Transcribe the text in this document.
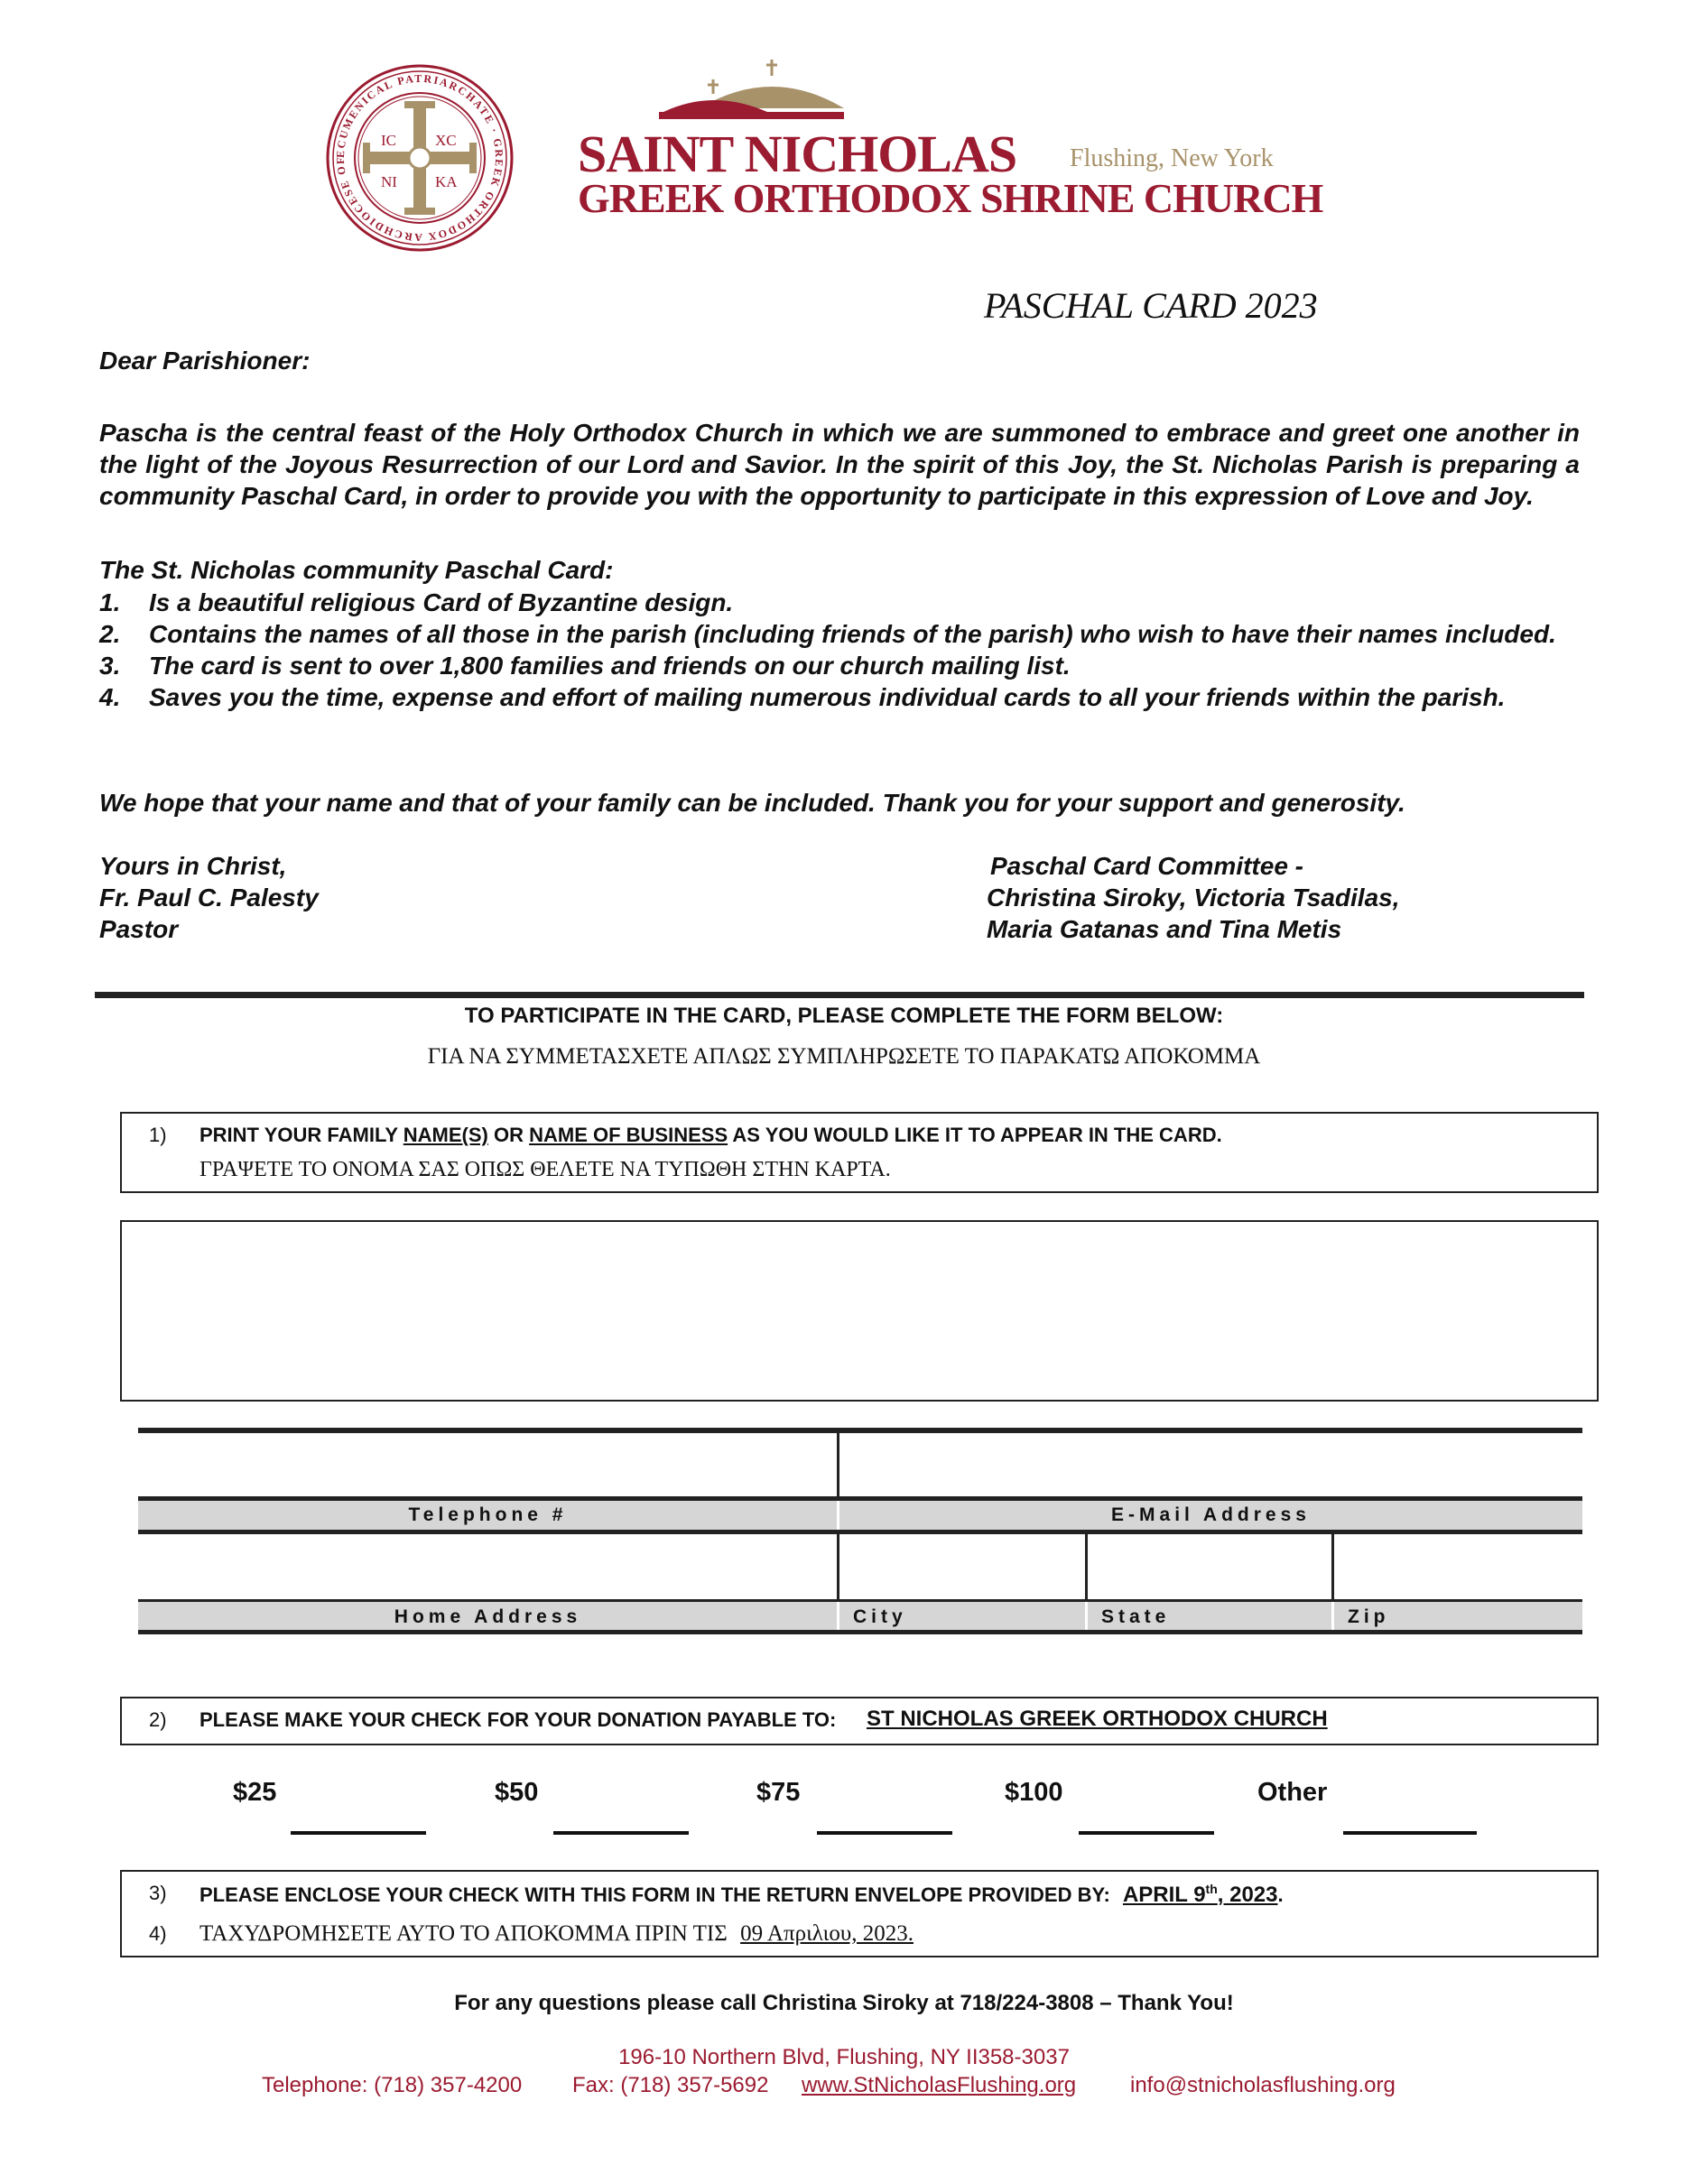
ECUMENICAL PATRIARCHATE · GREEK ORTHODOX ARCHDIOCESE OF
IC	XC
NI KA SAINT NICHOLAS Flushing, New York
GREEK ORTHODOX SHRINE CHURCH
PASCHAL CARD 2023
Dear Parishioner:
Pascha is the central feast of the Holy Orthodox Church in which we are summoned to embrace and greet one another in the light of the Joyous Resurrection of our Lord and Savior. In the spirit of this Joy, the St. Nicholas Parish is preparing a community Paschal Card, in order to provide you with the opportunity to participate in this expression of Love and Joy.
The St. Nicholas community Paschal Card:
1.	Is a beautiful religious Card of Byzantine design.
2.	Contains the names of all those in the parish (including friends of the parish) who wish to have their names included.
3.	The card is sent to over 1,800 families and friends on our church mailing list.
4.	Saves you the time, expense and effort of mailing numerous individual cards to all your friends within the parish.
We hope that your name and that of your family can be included. Thank you for your support and generosity.
Yours in Christ,
Fr. Paul C. Palesty
Pastor
Paschal Card Committee -
Christina Siroky, Victoria Tsadilas,
Maria Gatanas and Tina Metis
TO PARTICIPATE IN THE CARD, PLEASE COMPLETE THE FORM BELOW:
ΓΙΑ ΝΑ ΣΥΜΜΕΤΑΣΧΕΤΕ ΑΠΛΩΣ ΣΥΜΠΛΗΡΩΣΕΤΕ ΤΟ ΠΑΡΑΚΑΤΩ ΑΠΟΚΟΜΜΑ
1) PRINT YOUR FAMILY NAME(S) OR NAME OF BUSINESS AS YOU WOULD LIKE IT TO APPEAR IN THE CARD.
ΓΡΑΨΕΤΕ ΤΟ ΟΝΟΜΑ ΣΑΣ ΟΠΩΣ ΘΕΛΕΤΕ ΝΑ ΤΥΠΩΘΗ ΣΤΗΝ ΚΑΡΤΑ.
Telephone #	E-Mail Address
Home Address	City	State	Zip
2) PLEASE MAKE YOUR CHECK FOR YOUR DONATION PAYABLE TO: ST NICHOLAS GREEK ORTHODOX CHURCH
$25	$50	$75	$100	Other
3) PLEASE ENCLOSE YOUR CHECK WITH THIS FORM IN THE RETURN ENVELOPE PROVIDED BY: APRIL 9th, 2023.
4) ΤΑΧΥΔΡΟΜΗΣΕΤΕ ΑΥΤΟ ΤΟ ΑΠΟΚΟΜΜΑ ΠΡΙΝ ΤΙΣ 09 Απριλιου, 2023.
For any questions please call Christina Siroky at 718/224-3808 – Thank You!
196-10 Northern Blvd, Flushing, NY II358-3037
Telephone: (718) 357-4200 Fax: (718) 357-5692 www.StNicholasFlushing.org info@stnicholasflushing.org
